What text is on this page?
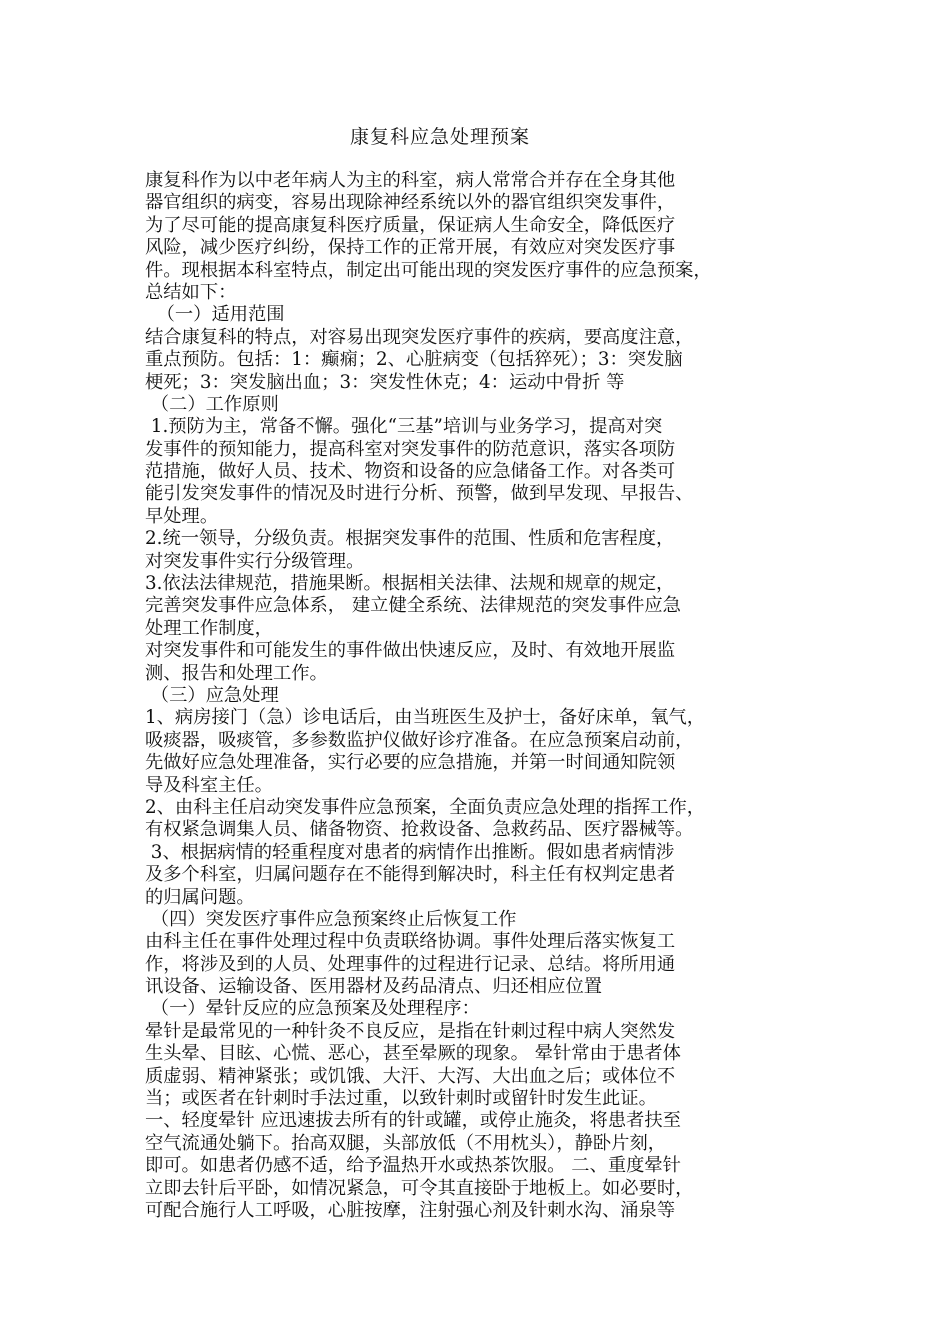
康复科应急处理预案
康复科作为以中老年病人为主的科室，病人常常合并存在全身其他
器官组织的病变，容易出现除神经系统以外的器官组织突发事件，
为了尽可能的提高康复科医疗质量，保证病人生命安全，降低医疗
风险，减少医疗纠纷，保持工作的正常开展，有效应对突发医疗事
件。现根据本科室特点，制定出可能出现的突发医疗事件的应急预案，
总结如下：
（一）适用范围
结合康复科的特点，对容易出现突发医疗事件的疾病，要高度注意，
重点预防。包括：1：癫痫；2、心脏病变（包括猝死）；3：突发脑
梗死；3：突发脑出血；3：突发性休克；4：运动中骨折 等
（二）工作原则
1.预防为主，常备不懈。强化“三基”培训与业务学习，提高对突
发事件的预知能力，提高科室对突发事件的防范意识，落实各项防
范措施，做好人员、技术、物资和设备的应急储备工作。对各类可
能引发突发事件的情况及时进行分析、预警，做到早发现、早报告、
早处理。
2.统一领导，分级负责。根据突发事件的范围、性质和危害程度，
对突发事件实行分级管理。
3.依法法律规范，措施果断。根据相关法律、法规和规章的规定，
完善突发事件应急体系， 建立健全系统、法律规范的突发事件应急
处理工作制度，
对突发事件和可能发生的事件做出快速反应，及时、有效地开展监
测、报告和处理工作。
（三）应急处理
1、病房接门（急）诊电话后，由当班医生及护士，备好床单，氧气，
吸痰器，吸痰管，多参数监护仪做好诊疗准备。在应急预案启动前，
先做好应急处理准备，实行必要的应急措施，并第一时间通知院领
导及科室主任。
2、由科主任启动突发事件应急预案，全面负责应急处理的指挥工作，
有权紧急调集人员、储备物资、抢救设备、急救药品、医疗器械等。
3、根据病情的轻重程度对患者的病情作出推断。假如患者病情涉
及多个科室，归属问题存在不能得到解决时，科主任有权判定患者
的归属问题。
（四）突发医疗事件应急预案终止后恢复工作
由科主任在事件处理过程中负责联络协调。事件处理后落实恢复工
作，将涉及到的人员、处理事件的过程进行记录、总结。将所用通
讯设备、运输设备、医用器材及药品清点、归还相应位置
（一）晕针反应的应急预案及处理程序：
晕针是最常见的一种针灸不良反应，是指在针刺过程中病人突然发
生头晕、目眩、心慌、恶心，甚至晕厥的现象。 晕针常由于患者体
质虚弱、精神紧张；或饥饿、大汗、大泻、大出血之后；或体位不
当；或医者在针刺时手法过重，以致针刺时或留针时发生此证。
一、轻度晕针 应迅速拔去所有的针或罐，或停止施灸，将患者扶至
空气流通处躺下。抬高双腿，头部放低（不用枕头），静卧片刻，
即可。如患者仍感不适，给予温热开水或热茶饮服。 二、重度晕针
立即去针后平卧，如情况紧急，可令其直接卧于地板上。如必要时，
可配合施行人工呼吸，心脏按摩，注射强心剂及针刺水沟、涌泉等
